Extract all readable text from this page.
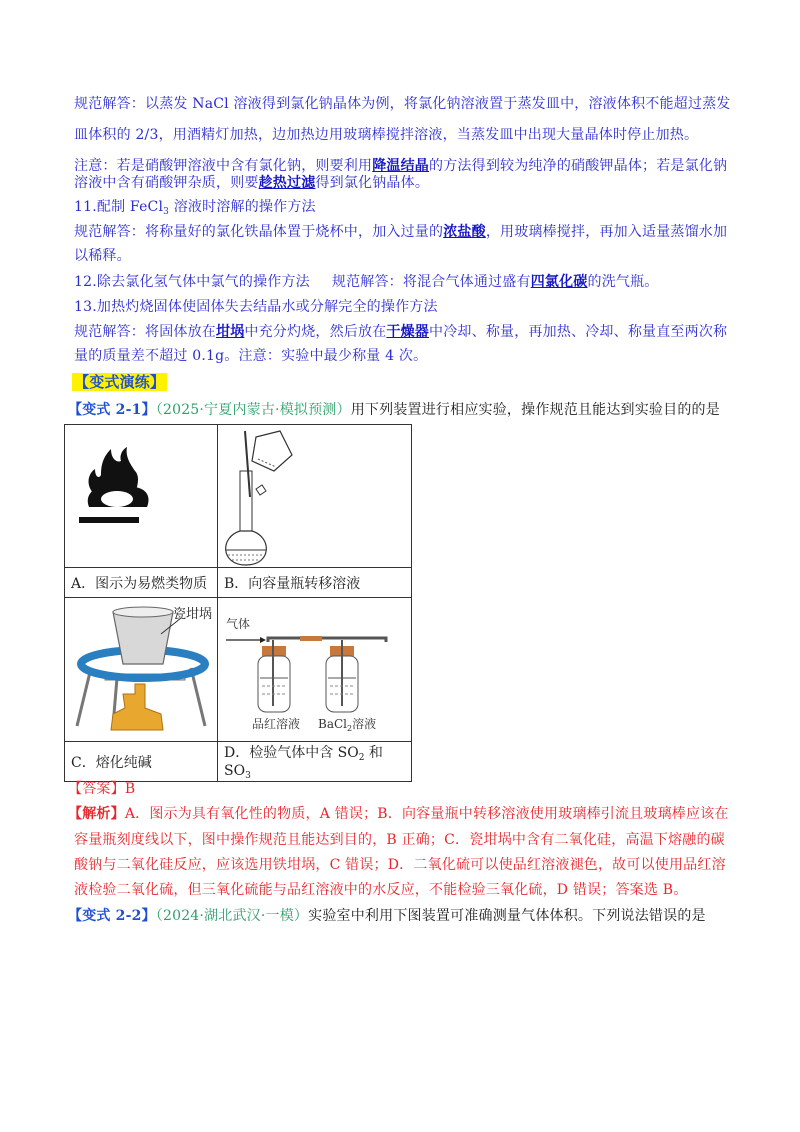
规范解答：以蒸发 NaCl 溶液得到氯化钠晶体为例，将氯化钠溶液置于蒸发皿中，溶液体积不能超过蒸发
皿体积的 2/3，用酒精灯加热，边加热边用玻璃棒搅拌溶液，当蒸发皿中出现大量晶体时停止加热。
注意：若是硝酸钾溶液中含有氯化钠，则要利用降温结晶的方法得到较为纯净的硝酸钾晶体；若是氯化钠
溶液中含有硝酸钾杂质，则要趁热过滤得到氯化钠晶体。
11.配制 FeCl$_3$ 溶液时溶解的操作方法
规范解答：将称量好的氯化铁晶体置于烧杯中，加入过量的浓盐酸，用玻璃棒搅拌，再加入适量蒸馏水加
以稀释。
12.除去氯化氢气体中氯气的操作方法 规范解答：将混合气体通过盛有四氯化碳的洗气瓶。
13.加热灼烧固体使固体失去结晶水或分解完全的操作方法
规范解答：将固体放在坩埚中充分灼烧，然后放在干燥器中冷却、称量，再加热、冷却、称量直至两次称
量的质量差不超过 0.1g。注意：实验中最少称量 4 次。
【变式演练】
【变式 2-1】（2025·宁夏内蒙古·模拟预测）用下列装置进行相应实验，操作规范且能达到实验目的的是

A．图示为易燃类物质	B．向容量瓶转移溶液

瓷坩埚	气体
品红溶液 BaCl$_2$溶液

C．熔化纯碱	D．检验气体中含 $SO_2$ 和 $SO_3$
【答案】B
【解析】A．图示为具有氧化性的物质，A 错误；B．向容量瓶中转移溶液使用玻璃棒引流且玻璃棒应该在
容量瓶刻度线以下，图中操作规范且能达到目的，B 正确；C．瓷坩埚中含有二氧化硅，高温下熔融的碳
酸钠与二氧化硅反应，应该选用铁坩埚，C 错误；D．二氧化硫可以使品红溶液褪色，故可以使用品红溶
液检验二氧化硫，但三氧化硫能与品红溶液中的水反应，不能检验三氧化硫，D 错误；答案选 B。
【变式 2-2】（2024·湖北武汉·一模）实验室中利用下图装置可准确测量气体体积。下列说法错误的是
